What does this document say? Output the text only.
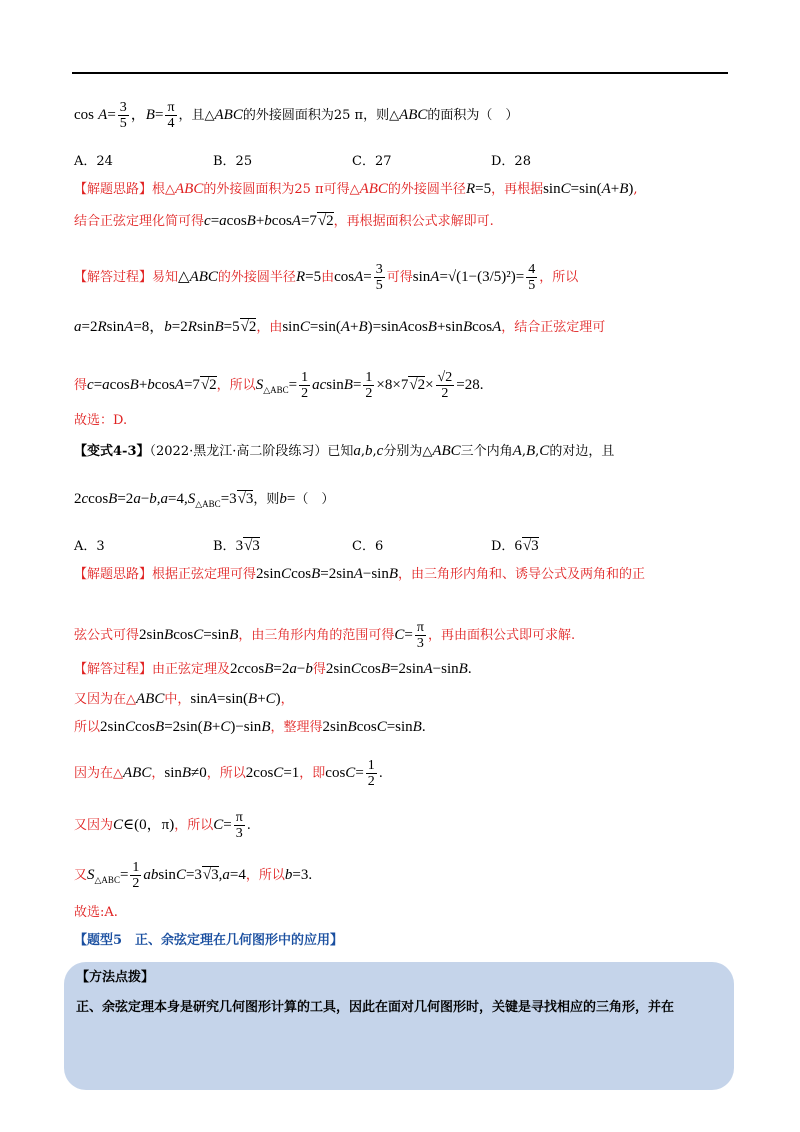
$\cos A= \frac{3}{5}$ ，$B= \frac{\pi}{4}$ ，且△ABC的外接圆面积为25 π，则△ABC的面积为（　）
A．24	B．25	C．27	D．28
【解题思路】根△ABC的外接圆面积为25 π可得△ABC的外接圆半径R=5，再根据sinC=sin(A+B),
结合正弦定理化简可得c=acosB+bcosA=7√2，再根据面积公式求解即可.
【解答过程】易知△ABC的外接圆半径R=5由$\cos A= \frac{3}{5}$ 可得$\sin A=√(1-(3/5)^2)= \frac{4}{5}$ ，所以
a=2RsinA=8，b=2RsinB=5√2，由sinC=sin(A+B)=sinAcosB+sinBcosA，结合正弦定理可
得c=acosB+bcosA=7√2，所以$S_{\triangle ABC}= \frac{1}{2} acsinB= \frac{1}{2} \times 8\times 7√2\times \frac{√2}{2} =28$.
故选：D.
【变式4-3】（2022·黑龙江·高二阶段练习）已知a,b,c分别为△ABC三个内角A,B,C的对边，且
$2ccosB=2a-b,a=4,S_{\triangle ABC}=3√3$，则b=（　）
A．3	B．3√3	C．6	D．6√3
【解题思路】根据正弦定理可得2sinCcosB=2sinA−sinB，由三角形内角和、诱导公式及两角和的正
弦公式可得2sinBcosC=sinB，由三角形内角的范围可得$C= \frac{\pi}{3}$ ，再由面积公式即可求解.
【解答过程】由正弦定理及2ccosB=2a−b得2sinCcosB=2sinA−sinB.
又因为在△ABC中，sinA=sin(B+C)，
所以2sinCcosB=2sin(B+C)−sinB，整理得2sinBcosC=sinB.
因为在△ABC，sinB≠0，所以2cosC=1，即$\cos C= \frac{1}{2}$ .
又因为C∈(0，π)，所以$C= \frac{\pi}{3}$ .
又$S_{\triangle ABC}= \frac{1}{2} absinC=3√3,a=4$，所以b=3.
故选:A.
【题型5　正、余弦定理在几何图形中的应用】
【方法点拨】
正、余弦定理本身是研究几何图形计算的工具，因此在面对几何图形时，关键是寻找相应的三角形，并在
